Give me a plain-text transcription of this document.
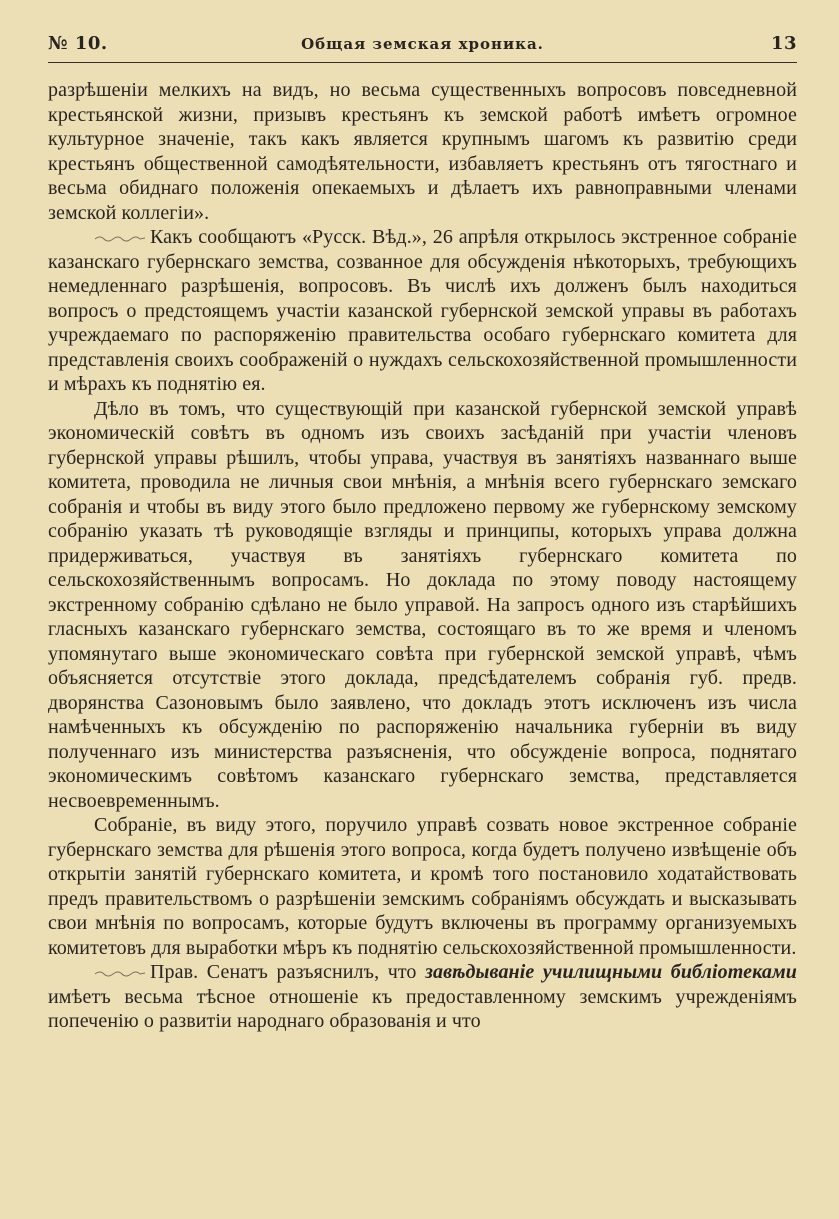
№ 10.	Общая земская хроника.	13

разрѣшеніи мелкихъ на видъ, но весьма существенныхъ вопросовъ повседневной крестьянской жизни, призывъ крестьянъ къ земской работѣ имѣетъ огромное культурное значеніе, такъ какъ является крупнымъ шагомъ къ развитію среди крестьянъ общественной самодѣятельности, избавляетъ крестьянъ отъ тягостнаго и весьма обиднаго положенія опекаемыхъ и дѣлаетъ ихъ равноправными членами земской коллегіи».

Какъ сообщаютъ «Русск. Вѣд.», 26 апрѣля открылось экстренное собраніе казанскаго губернскаго земства, созванное для обсужденія нѣкоторыхъ, требующихъ немедленнаго разрѣшенія, вопросовъ. Въ числѣ ихъ долженъ былъ находиться вопросъ о предстоящемъ участіи казанской губернской земской управы въ работахъ учреждаемаго по распоряженію правительства особаго губернскаго комитета для представленія своихъ соображеній о нуждахъ сельскохозяйственной промышленности и мѣрахъ къ поднятію ея.

Дѣло въ томъ, что существующій при казанской губернской земской управѣ экономическій совѣтъ въ одномъ изъ своихъ засѣданій при участіи членовъ губернской управы рѣшилъ, чтобы управа, участвуя въ занятіяхъ названнаго выше комитета, проводила не личныя свои мнѣнія, а мнѣнія всего губернскаго земскаго собранія и чтобы въ виду этого было предложено первому же губернскому земскому собранію указать тѣ руководящіе взгляды и принципы, которыхъ управа должна придерживаться, участвуя въ занятіяхъ губернскаго комитета по сельскохозяйственнымъ вопросамъ. Но доклада по этому поводу настоящему экстренному собранію сдѣлано не было управой. На запросъ одного изъ старѣйшихъ гласныхъ казанскаго губернскаго земства, состоящаго въ то же время и членомъ упомянутаго выше экономическаго совѣта при губернской земской управѣ, чѣмъ объясняется отсутствіе этого доклада, предсѣдателемъ собранія губ. предв. дворянства Сазоновымъ было заявлено, что докладъ этотъ исключенъ изъ числа намѣченныхъ къ обсужденію по распоряженію начальника губерніи въ виду полученнаго изъ министерства разъясненія, что обсужденіе вопроса, поднятаго экономическимъ совѣтомъ казанскаго губернскаго земства, представляется несвоевременнымъ.

Собраніе, въ виду этого, поручило управѣ созвать новое экстренное собраніе губернскаго земства для рѣшенія этого вопроса, когда будетъ получено извѣщеніе объ открытіи занятій губернскаго комитета, и кромѣ того постановило ходатайствовать предъ правительствомъ о разрѣшеніи земскимъ собраніямъ обсуждать и высказывать свои мнѣнія по вопросамъ, которые будутъ включены въ программу организуемыхъ комитетовъ для выработки мѣръ къ поднятію сельскохозяйственной промышленности.

Прав. Сенатъ разъяснилъ, что завѣдываніе училищными библіотеками имѣетъ весьма тѣсное отношеніе къ предоставленному земскимъ учрежденіямъ попеченію о развитіи народнаго образованія и что
